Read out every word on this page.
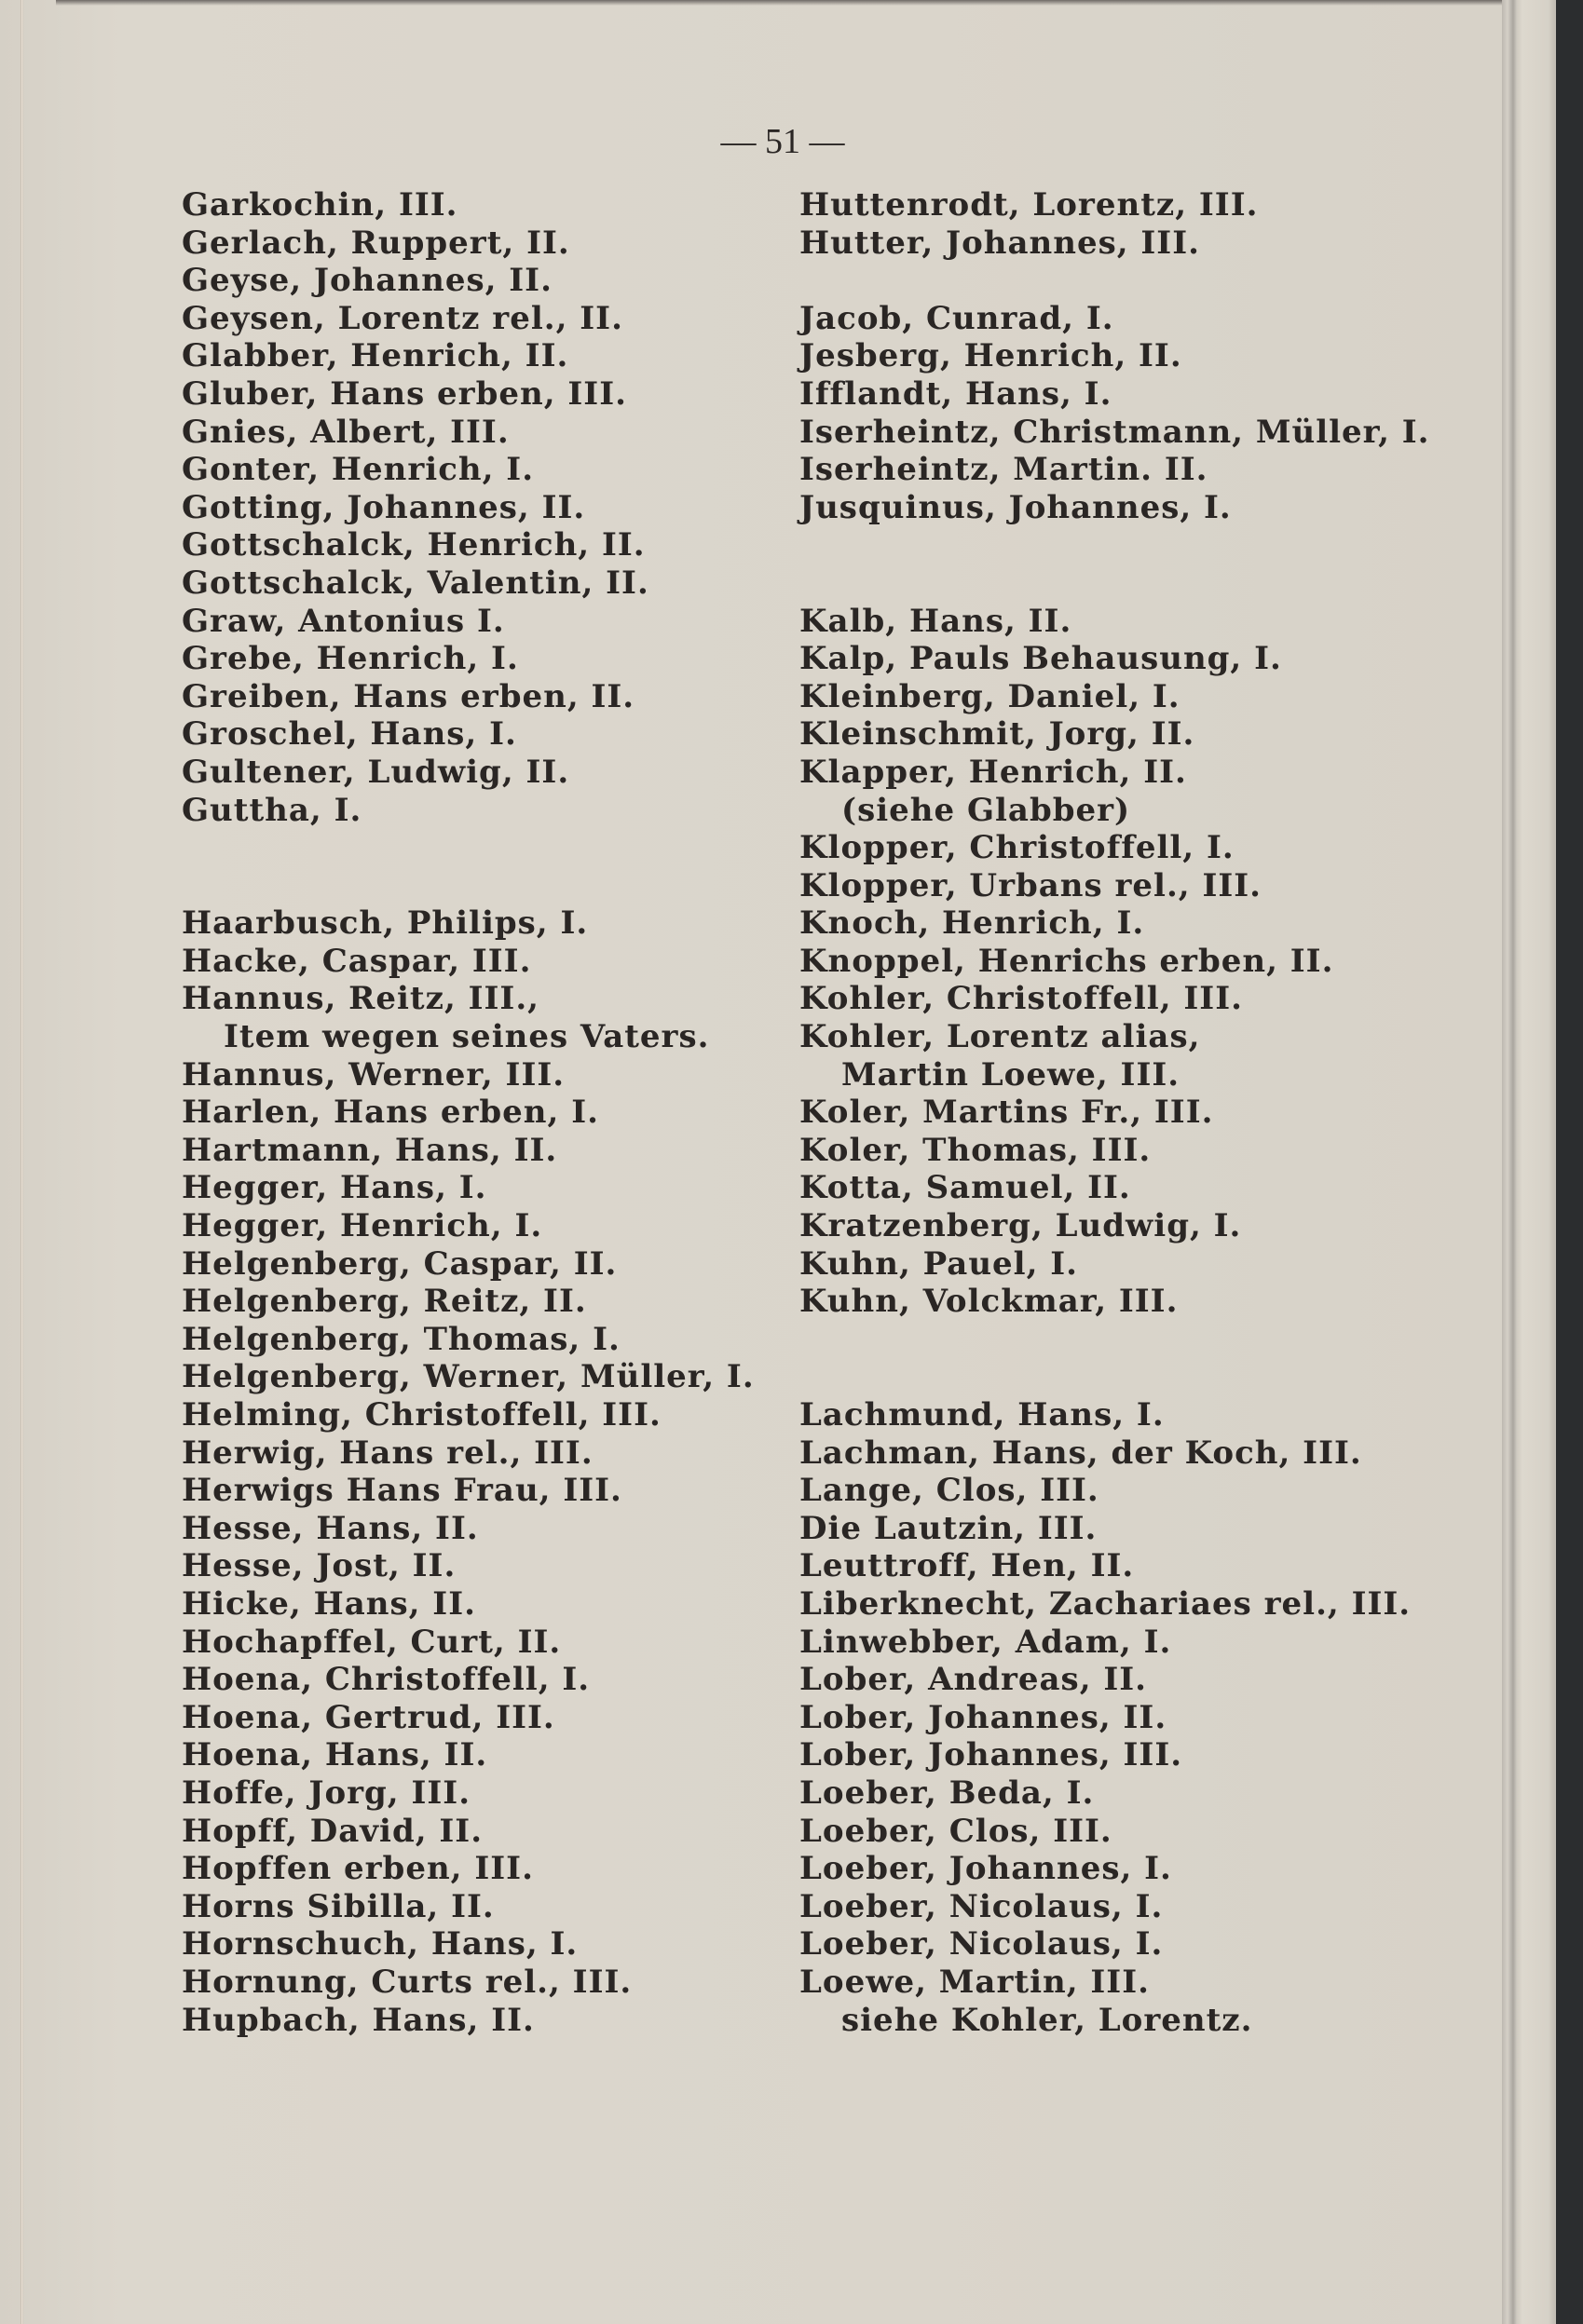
— 51 —
Garkochin, III.
Gerlach, Ruppert, II.
Geyse, Johannes, II.
Geysen, Lorentz rel., II.
Glabber, Henrich, II.
Gluber, Hans erben, III.
Gnies, Albert, III.
Gonter, Henrich, I.
Gotting, Johannes, II.
Gottschalck, Henrich, II.
Gottschalck, Valentin, II.
Graw, Antonius I.
Grebe, Henrich, I.
Greiben, Hans erben, II.
Groschel, Hans, I.
Gultener, Ludwig, II.
Guttha, I.
Haarbusch, Philips, I.
Hacke, Caspar, III.
Hannus, Reitz, III.,
Item wegen seines Vaters.
Hannus, Werner, III.
Harlen, Hans erben, I.
Hartmann, Hans, II.
Hegger, Hans, I.
Hegger, Henrich, I.
Helgenberg, Caspar, II.
Helgenberg, Reitz, II.
Helgenberg, Thomas, I.
Helgenberg, Werner, Müller, I.
Helming, Christoffell, III.
Herwig, Hans rel., III.
Herwigs Hans Frau, III.
Hesse, Hans, II.
Hesse, Jost, II.
Hicke, Hans, II.
Hochapffel, Curt, II.
Hoena, Christoffell, I.
Hoena, Gertrud, III.
Hoena, Hans, II.
Hoffe, Jorg, III.
Hopff, David, II.
Hopffen erben, III.
Horns Sibilla, II.
Hornschuch, Hans, I.
Hornung, Curts rel., III.
Hupbach, Hans, II.
Huttenrodt, Lorentz, III.
Hutter, Johannes, III.
Jacob, Cunrad, I.
Jesberg, Henrich, II.
Ifflandt, Hans, I.
Iserheintz, Christmann, Müller, I.
Iserheintz, Martin. II.
Jusquinus, Johannes, I.
Kalb, Hans, II.
Kalp, Pauls Behausung, I.
Kleinberg, Daniel, I.
Kleinschmit, Jorg, II.
Klapper, Henrich, II.
(siehe Glabber)
Klopper, Christoffell, I.
Klopper, Urbans rel., III.
Knoch, Henrich, I.
Knoppel, Henrichs erben, II.
Kohler, Christoffell, III.
Kohler, Lorentz alias,
Martin Loewe, III.
Koler, Martins Fr., III.
Koler, Thomas, III.
Kotta, Samuel, II.
Kratzenberg, Ludwig, I.
Kuhn, Pauel, I.
Kuhn, Volckmar, III.
Lachmund, Hans, I.
Lachman, Hans, der Koch, III.
Lange, Clos, III.
Die Lautzin, III.
Leuttroff, Hen, II.
Liberknecht, Zachariaes rel., III.
Linwebber, Adam, I.
Lober, Andreas, II.
Lober, Johannes, II.
Lober, Johannes, III.
Loeber, Beda, I.
Loeber, Clos, III.
Loeber, Johannes, I.
Loeber, Nicolaus, I.
Loeber, Nicolaus, I.
Loewe, Martin, III.
siehe Kohler, Lorentz.
